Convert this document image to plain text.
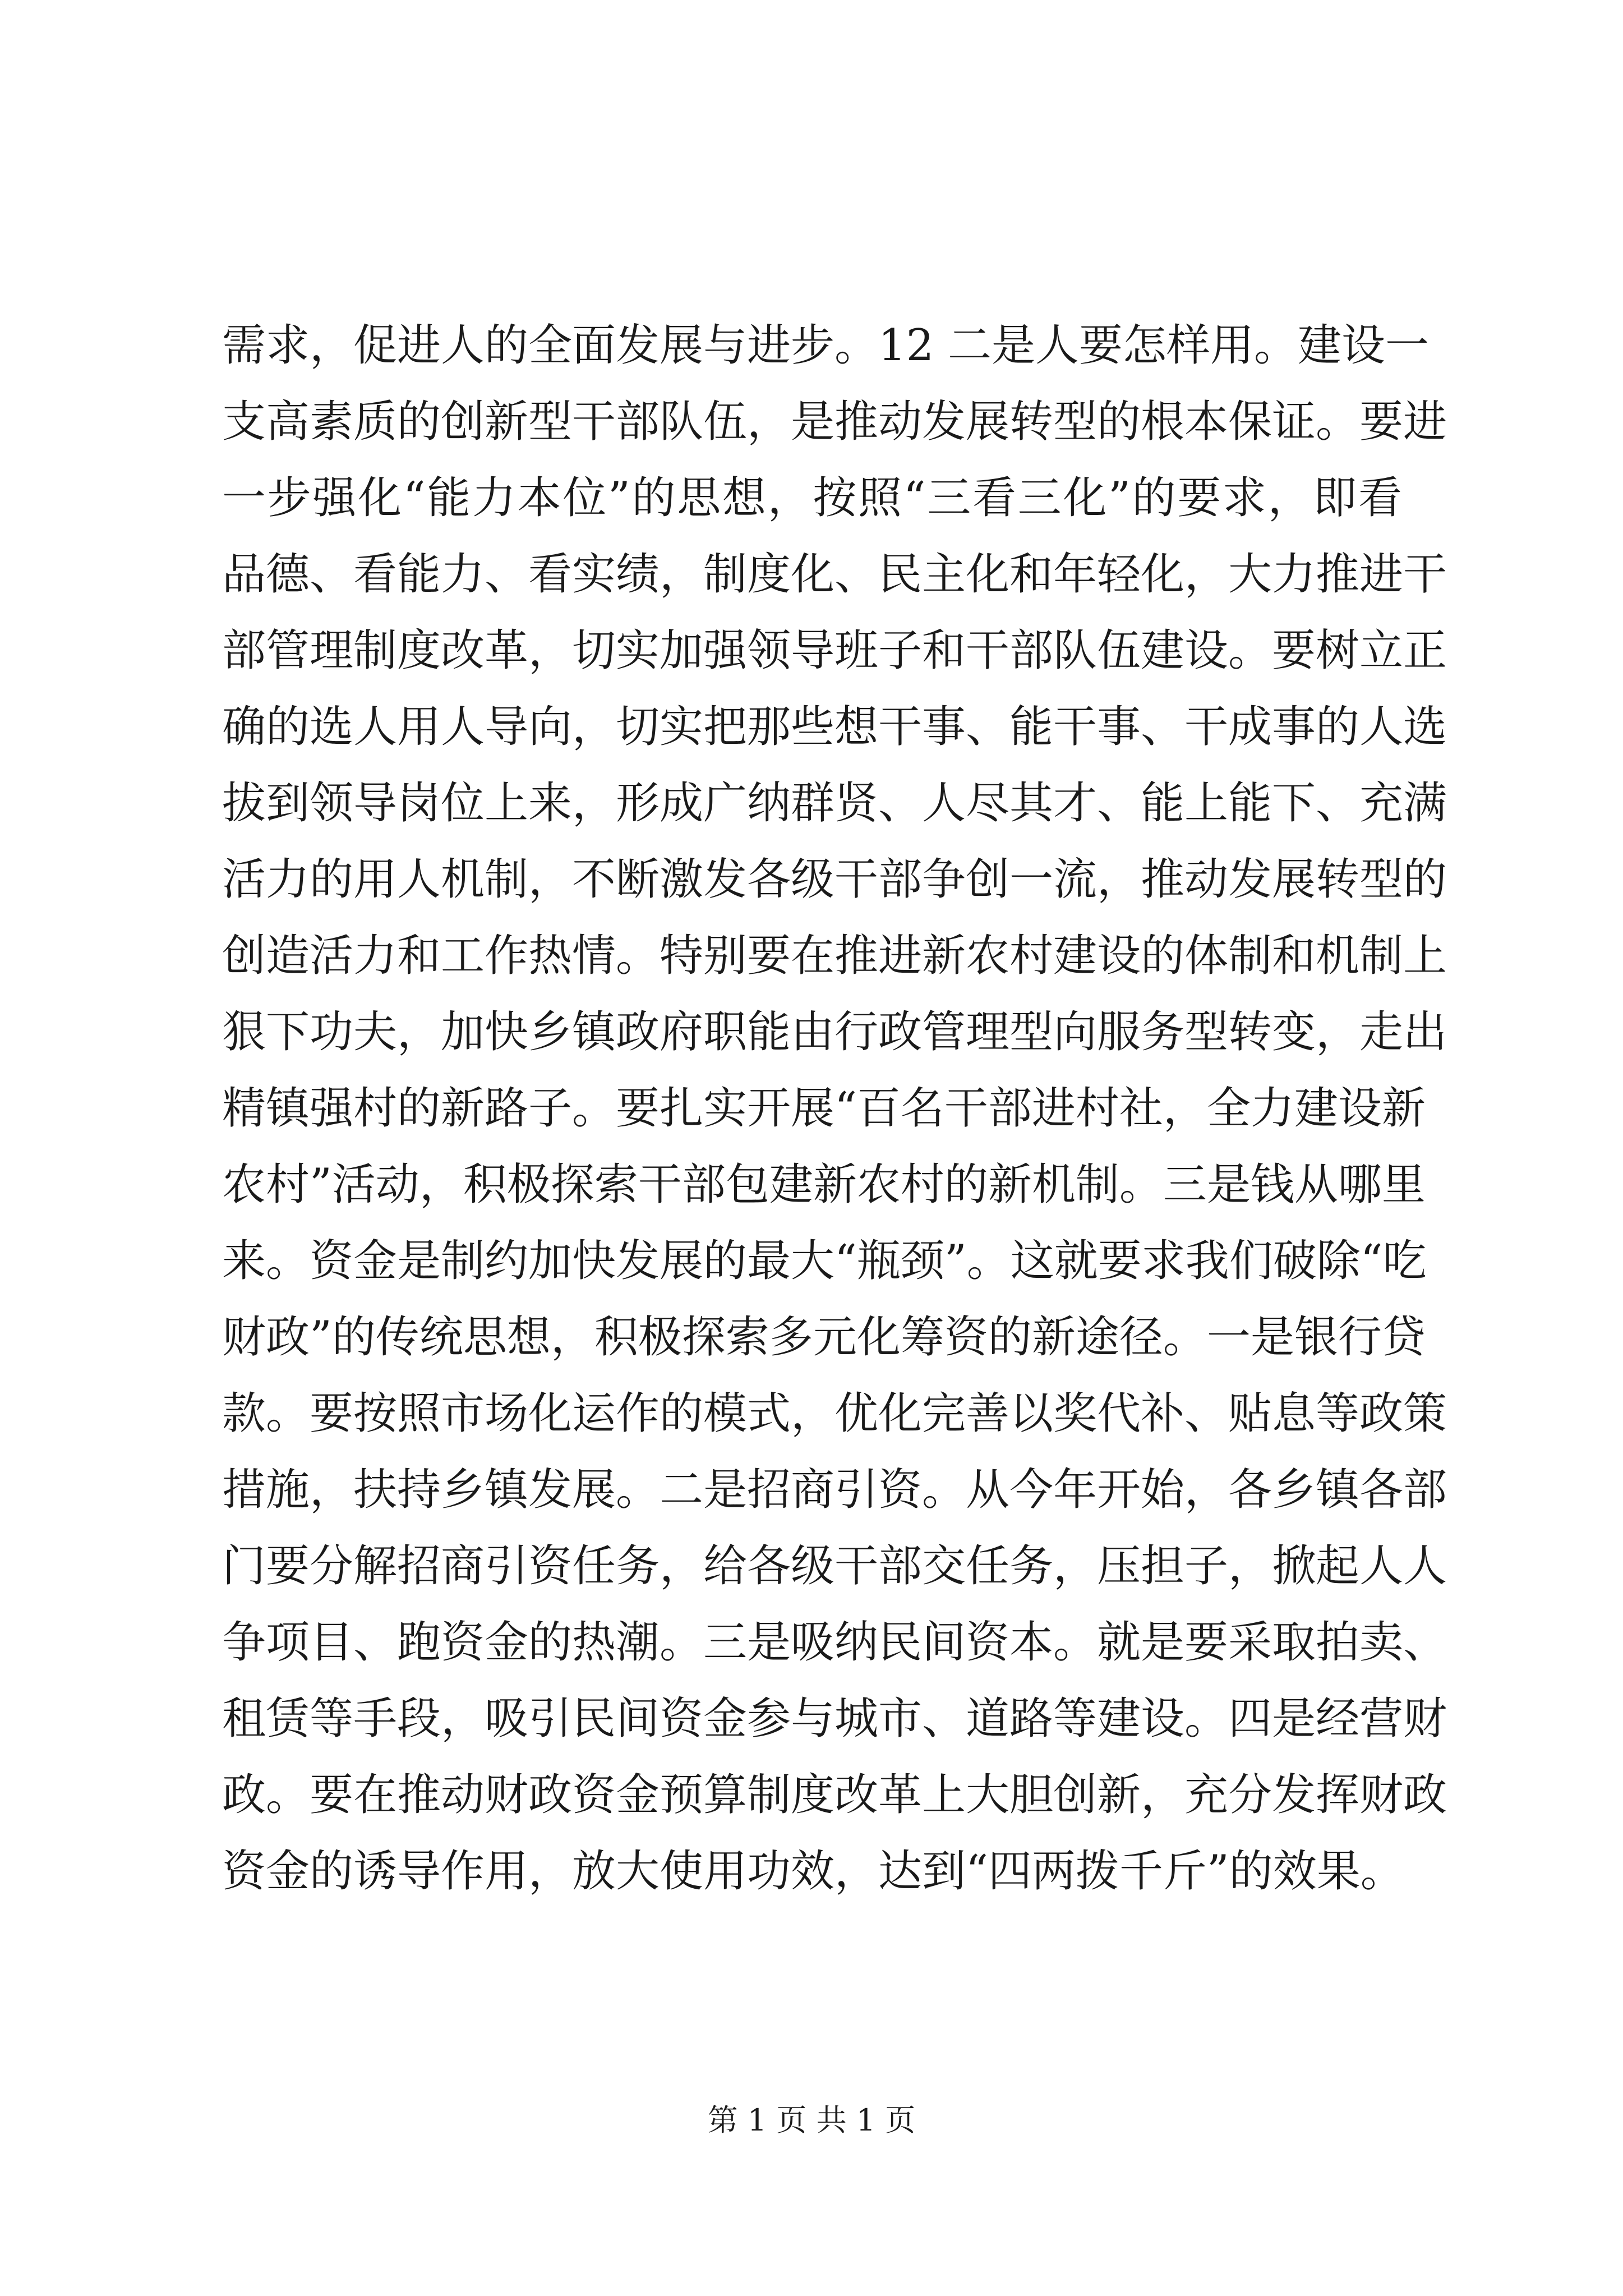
需求，促进人的全面发展与进步。12 二是人要怎样用。建设一
支高素质的创新型干部队伍，是推动发展转型的根本保证。要进
一步强化“能力本位”的思想，按照“三看三化”的要求，即看
品德、看能力、看实绩，制度化、民主化和年轻化，大力推进干
部管理制度改革，切实加强领导班子和干部队伍建设。要树立正
确的选人用人导向，切实把那些想干事、能干事、干成事的人选
拔到领导岗位上来，形成广纳群贤、人尽其才、能上能下、充满
活力的用人机制，不断激发各级干部争创一流，推动发展转型的
创造活力和工作热情。特别要在推进新农村建设的体制和机制上
狠下功夫，加快乡镇政府职能由行政管理型向服务型转变，走出
精镇强村的新路子。要扎实开展“百名干部进村社，全力建设新
农村”活动，积极探索干部包建新农村的新机制。三是钱从哪里
来。资金是制约加快发展的最大“瓶颈”。这就要求我们破除“吃
财政”的传统思想，积极探索多元化筹资的新途径。一是银行贷
款。要按照市场化运作的模式，优化完善以奖代补、贴息等政策
措施，扶持乡镇发展。二是招商引资。从今年开始，各乡镇各部
门要分解招商引资任务，给各级干部交任务，压担子，掀起人人
争项目、跑资金的热潮。三是吸纳民间资本。就是要采取拍卖、
租赁等手段，吸引民间资金参与城市、道路等建设。四是经营财
政。要在推动财政资金预算制度改革上大胆创新，充分发挥财政
资金的诱导作用，放大使用功效，达到“四两拨千斤”的效果。
第 1 页 共 1 页
